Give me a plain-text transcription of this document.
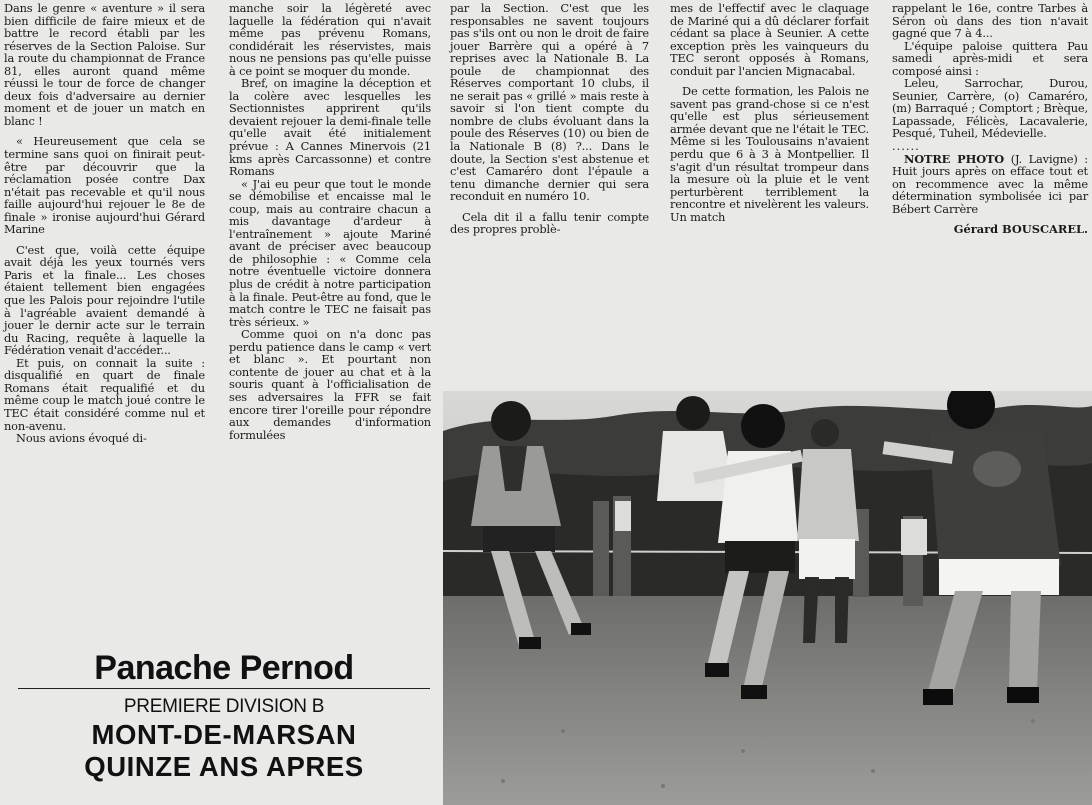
Dans le genre « aventure » il sera bien difficile de faire mieux et de battre le record établi par les réserves de la Section Paloise. Sur la route du championnat de France 81, elles auront quand même réussi le tour de force de changer deux fois d'adversaire au dernier moment et de jouer un match en blanc !

« Heureusement que cela se termine sans quoi on finirait peut-être par découvrir que la réclamation posée contre Dax n'était pas recevable et qu'il nous faille aujourd'hui rejouer le 8e de finale » ironise aujourd'hui Gérard Marine

C'est que, voilà cette équipe avait déjà les yeux tournés vers Paris et la finale... Les choses étaient tellement bien engagées que les Palois pour rejoindre l'utile à l'agréable avaient demandé à jouer le dernir acte sur le terrain du Racing, requête à laquelle la Fédération venait d'accéder...

Et puis, on connait la suite : disqualifié en quart de finale Romans était requalifié et du même coup le match joué contre le TEC était considéré comme nul et non-avenu.

Nous avions évoqué di-

manche soir la légèreté avec laquelle la fédération qui n'avait même pas prévenu Romans, condidérait les réservistes, mais nous ne pensions pas qu'elle puisse à ce point se moquer du monde.

Bref, on imagine la déception et la colère avec lesquelles les Sectionnistes apprirent qu'ils devaient rejouer la demi-finale telle qu'elle avait été initialement prévue : A Cannes Minervois (21 kms après Carcassonne) et contre Romans

« J'ai eu peur que tout le monde se démobilise et encaisse mal le coup, mais au contraire chacun a mis davantage d'ardeur à l'entraînement » ajoute Mariné avant de préciser avec beaucoup de philosophie : « Comme cela notre éventuelle victoire donnera plus de crédit à notre participation à la finale. Peut-être au fond, que le match contre le TEC ne faisait pas très sérieux. »

Comme quoi on n'a donc pas perdu patience dans le camp « vert et blanc ». Et pourtant non contente de jouer au chat et à la souris quant à l'officialisation de ses adversaires la FFR se fait encore tirer l'oreille pour répondre aux demandes d'information formulées

par la Section. C'est que les responsables ne savent toujours pas s'ils ont ou non le droit de faire jouer Barrère qui a opéré à 7 reprises avec la Nationale B. La poule de championnat des Réserves comportant 10 clubs, il ne serait pas « grillé » mais reste à savoir si l'on tient compte du nombre de clubs évoluant dans la poule des Réserves (10) ou bien de la Nationale B (8) ?... Dans le doute, la Section s'est abstenue et c'est Camaréro dont l'épaule a tenu dimanche dernier qui sera reconduit en numéro 10.

Cela dit il a fallu tenir compte des propres problè-

mes de l'effectif avec le claquage de Mariné qui a dû déclarer forfait cédant sa place à Seunier. A cette exception près les vainqueurs du TEC seront opposés à Romans, conduit par l'ancien Mignacabal.

De cette formation, les Palois ne savent pas grand-chose si ce n'est qu'elle est plus sérieusement armée devant que ne l'était le TEC. Même si les Toulousains n'avaient perdu que 6 à 3 à Montpellier. Il s'agit d'un résultat trompeur dans la mesure où la pluie et le vent perturbèrent terriblement la rencontre et nivelèrent les valeurs. Un match

rappelant le 16e, contre Tarbes à Séron où dans des tion n'avait gagné que 7 à 4...

L'équipe paloise quittera Pau samedi après-midi et sera composé ainsi :

Leleu, Sarrochar, Durou, Seunier, Carrère, (o) Camaréro, (m) Barraqué ; Comptort ; Brèque, Lapassade, Félicès, Lacavalerie, Pesqué, Tuheil, Médevielle.

......

NOTRE PHOTO (J. Lavigne) : Huit jours après on efface tout et on recommence avec la même détermination symbolisée ici par Bébert Carrère

Gérard BOUSCAREL.

Panache Pernod
PREMIERE DIVISION B
MONT-DE-MARSAN
QUINZE ANS APRES
